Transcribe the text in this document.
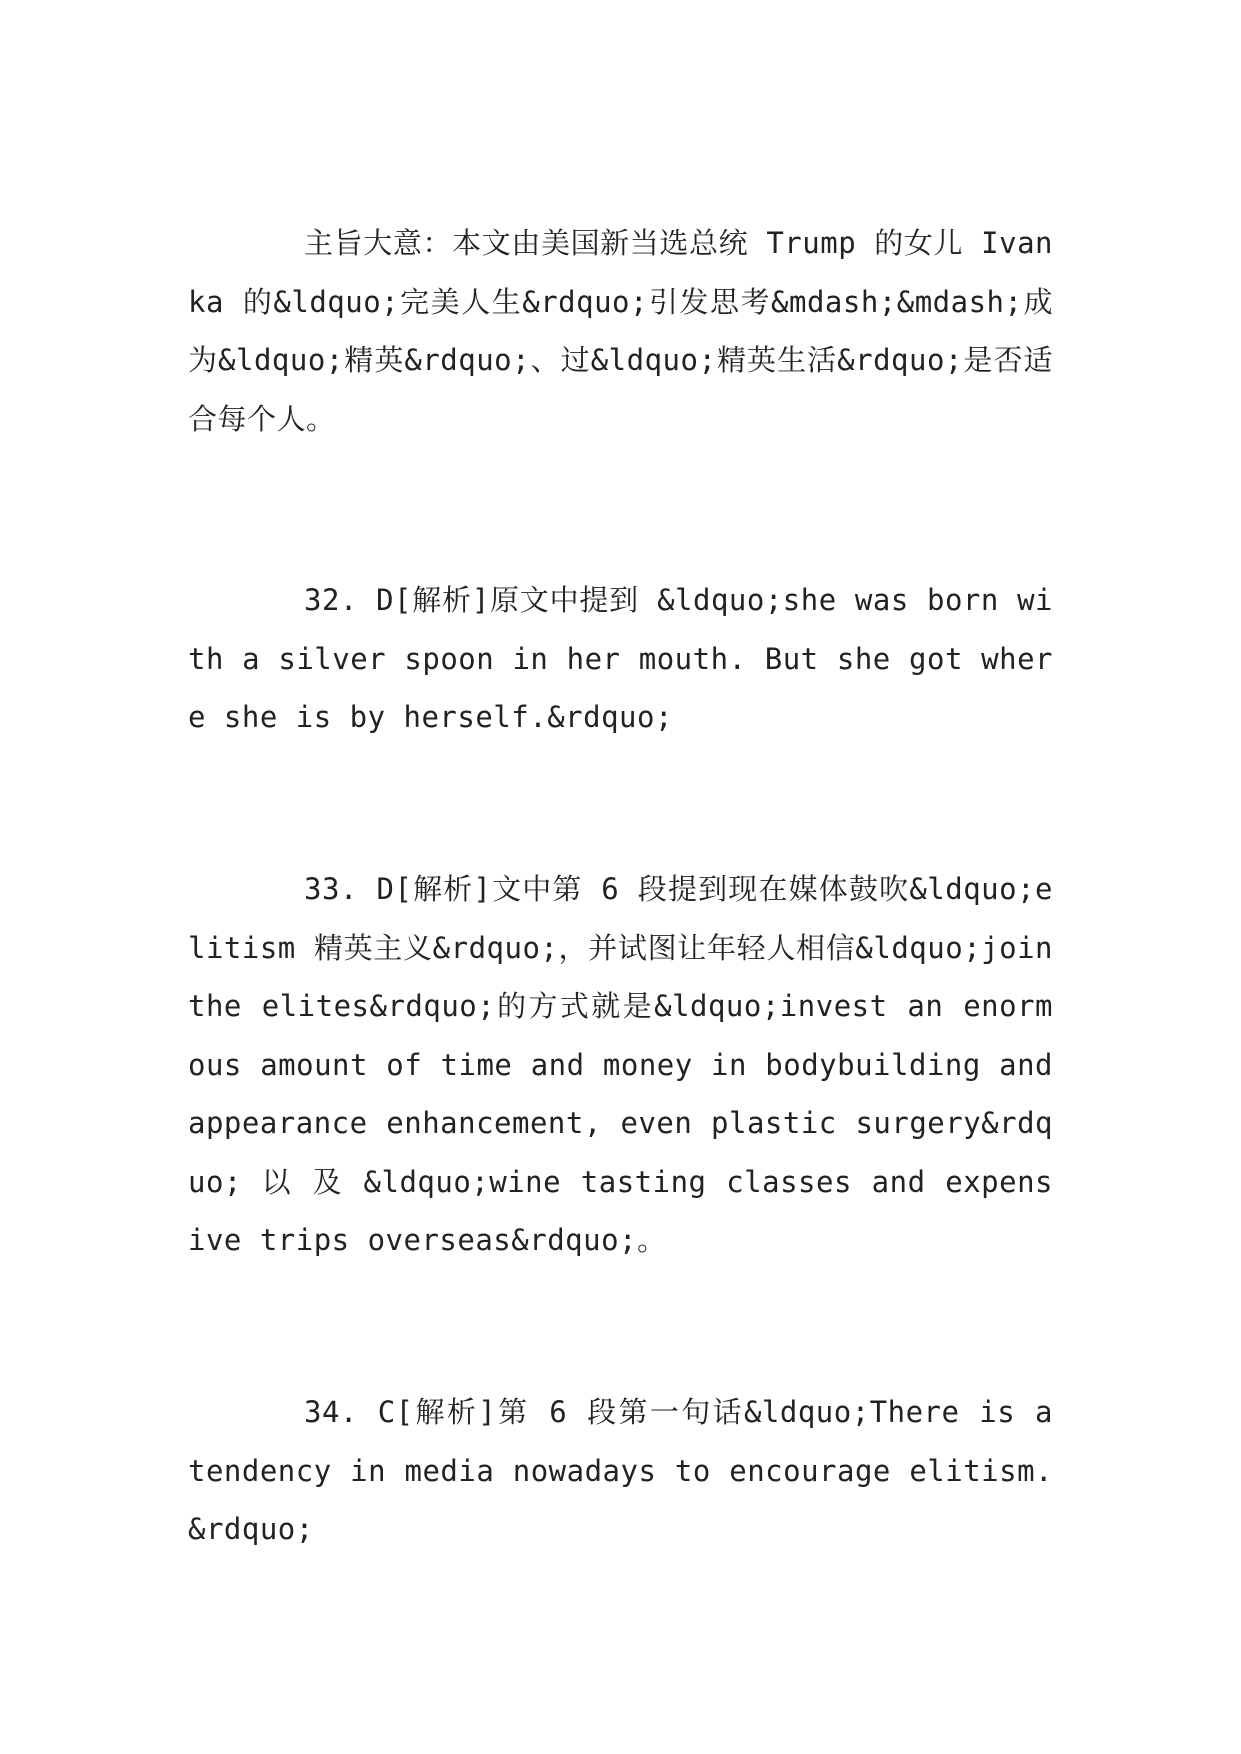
主旨大意：本文由美国新当选总统 Trump 的女儿 Ivanka 的&ldquo;完美人生&rdquo;引发思考&mdash;&mdash;成为&ldquo;精英&rdquo;、过&ldquo;精英生活&rdquo;是否适合每个人。

32. D[解析]原文中提到 &ldquo;she was born with a silver spoon in her mouth. But she got where she is by herself.&rdquo;

33. D[解析]文中第 6 段提到现在媒体鼓吹&ldquo;elitism 精英主义&rdquo;，并试图让年轻人相信&ldquo;join the elites&rdquo;的方式就是&ldquo;invest an enormous amount of time and money in bodybuilding and appearance enhancement, even plastic surgery&rdquo; 以 及 &ldquo;wine tasting classes and expensive trips overseas&rdquo;。

34. C[解析]第 6 段第一句话&ldquo;There is a tendency in media nowadays to encourage elitism.&rdquo;
